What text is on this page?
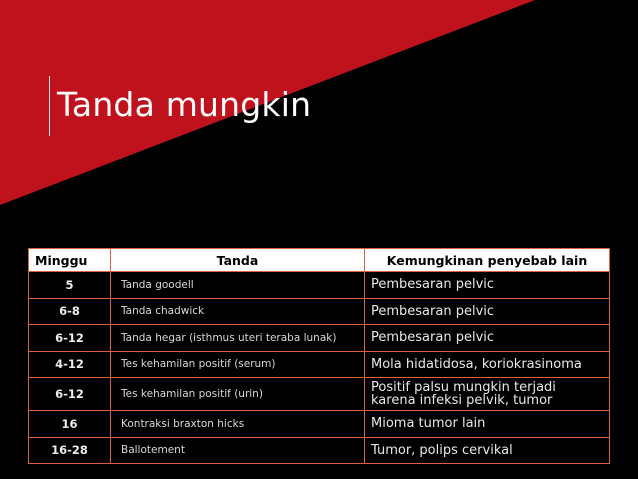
Tanda mungkin
Minggu	Tanda	Kemungkinan penyebab lain
5	Tanda goodell	Pembesaran pelvic
6-8	Tanda chadwick	Pembesaran pelvic
6-12	Tanda hegar (isthmus uteri teraba lunak)	Pembesaran pelvic
4-12	Tes kehamilan positif (serum)	Mola hidatidosa, koriokrasinoma
6-12	Tes kehamilan positif (urin)	Positif palsu mungkin terjadi karena infeksi pelvik, tumor
16	Kontraksi braxton hicks	Mioma tumor lain
16-28	Ballotement	Tumor, polips cervikal
